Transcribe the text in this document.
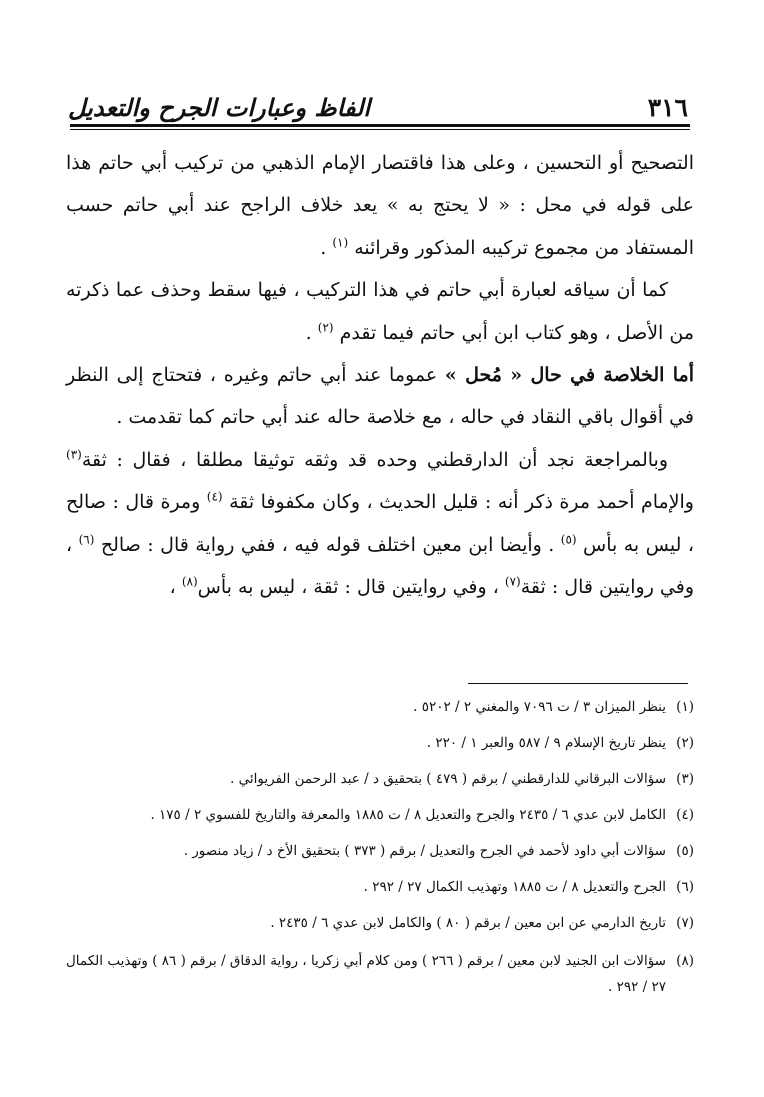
الفاظ وعبارات الجرح والتعديل	٣١٦

التصحيح أو التحسين ، وعلى هذا فاقتصار الإمام الذهبي من تركيب أبي حاتم هذا على قوله في محل : « لا يحتج به » يعد خلاف الراجح عند أبي حاتم حسب المستفاد من مجموع تركيبه المذكور وقرائنه $^{(١)}$ .

كما أن سياقه لعبارة أبي حاتم في هذا التركيب ، فيها سقط وحذف عما ذكرته من الأصل ، وهو كتاب ابن أبي حاتم فيما تقدم $^{(٢)}$ .

أما الخلاصة في حال « مُحل » عموما عند أبي حاتم وغيره ، فتحتاج إلى النظر في أقوال باقي النقاد في حاله ، مع خلاصة حاله عند أبي حاتم كما تقدمت .

وبالمراجعة نجد أن الدارقطني وحده قد وثقه توثيقا مطلقا ، فقال : ثقة$^{(٣)}$ والإمام أحمد مرة ذكر أنه : قليل الحديث ، وكان مكفوفا ثقة $^{(٤)}$ ومرة قال : صالح ، ليس به بأس $^{(٥)}$ . وأيضا ابن معين اختلف قوله فيه ، ففي رواية قال : صالح $^{(٦)}$ ، وفي روايتين قال : ثقة$^{(٧)}$ ، وفي روايتين قال : ثقة ، ليس به بأس$^{(٨)}$ ،

(١)
ينظر الميزان ٣ / ت ٧٠٩٦ والمغني ٢ / ٥٢٠٢ .
(٢)
ينظر تاريخ الإسلام ٩ / ٥٨٧ والعبر ١ / ٢٢٠ .
(٣)
سؤالات البرقاني للدارقطني / برقم ( ٤٧٩ ) بتحقيق د / عبد الرحمن الفريوائي .
(٤)
الكامل لابن عدي ٦ / ٢٤٣٥ والجرح والتعديل ٨ / ت ١٨٨٥ والمعرفة والتاريخ للفسوي ٢ / ١٧٥ .
(٥)
سؤالات أبي داود لأحمد في الجرح والتعديل / برقم ( ٣٧٣ ) بتحقيق الأخ د / زياد منصور .
(٦)
الجرح والتعديل ٨ / ت ١٨٨٥ وتهذيب الكمال ٢٧ / ٢٩٢ .
(٧)
تاريخ الدارمي عن ابن معين / برقم ( ٨٠ ) والكامل لابن عدي ٦ / ٢٤٣٥ .
(٨)
سؤالات ابن الجنيد لابن معين / برقم ( ٢٦٦ ) ومن كلام أبي زكريا ، رواية الدقاق / برقم ( ٨٦ ) وتهذيب الكمال ٢٧ / ٢٩٢ .
